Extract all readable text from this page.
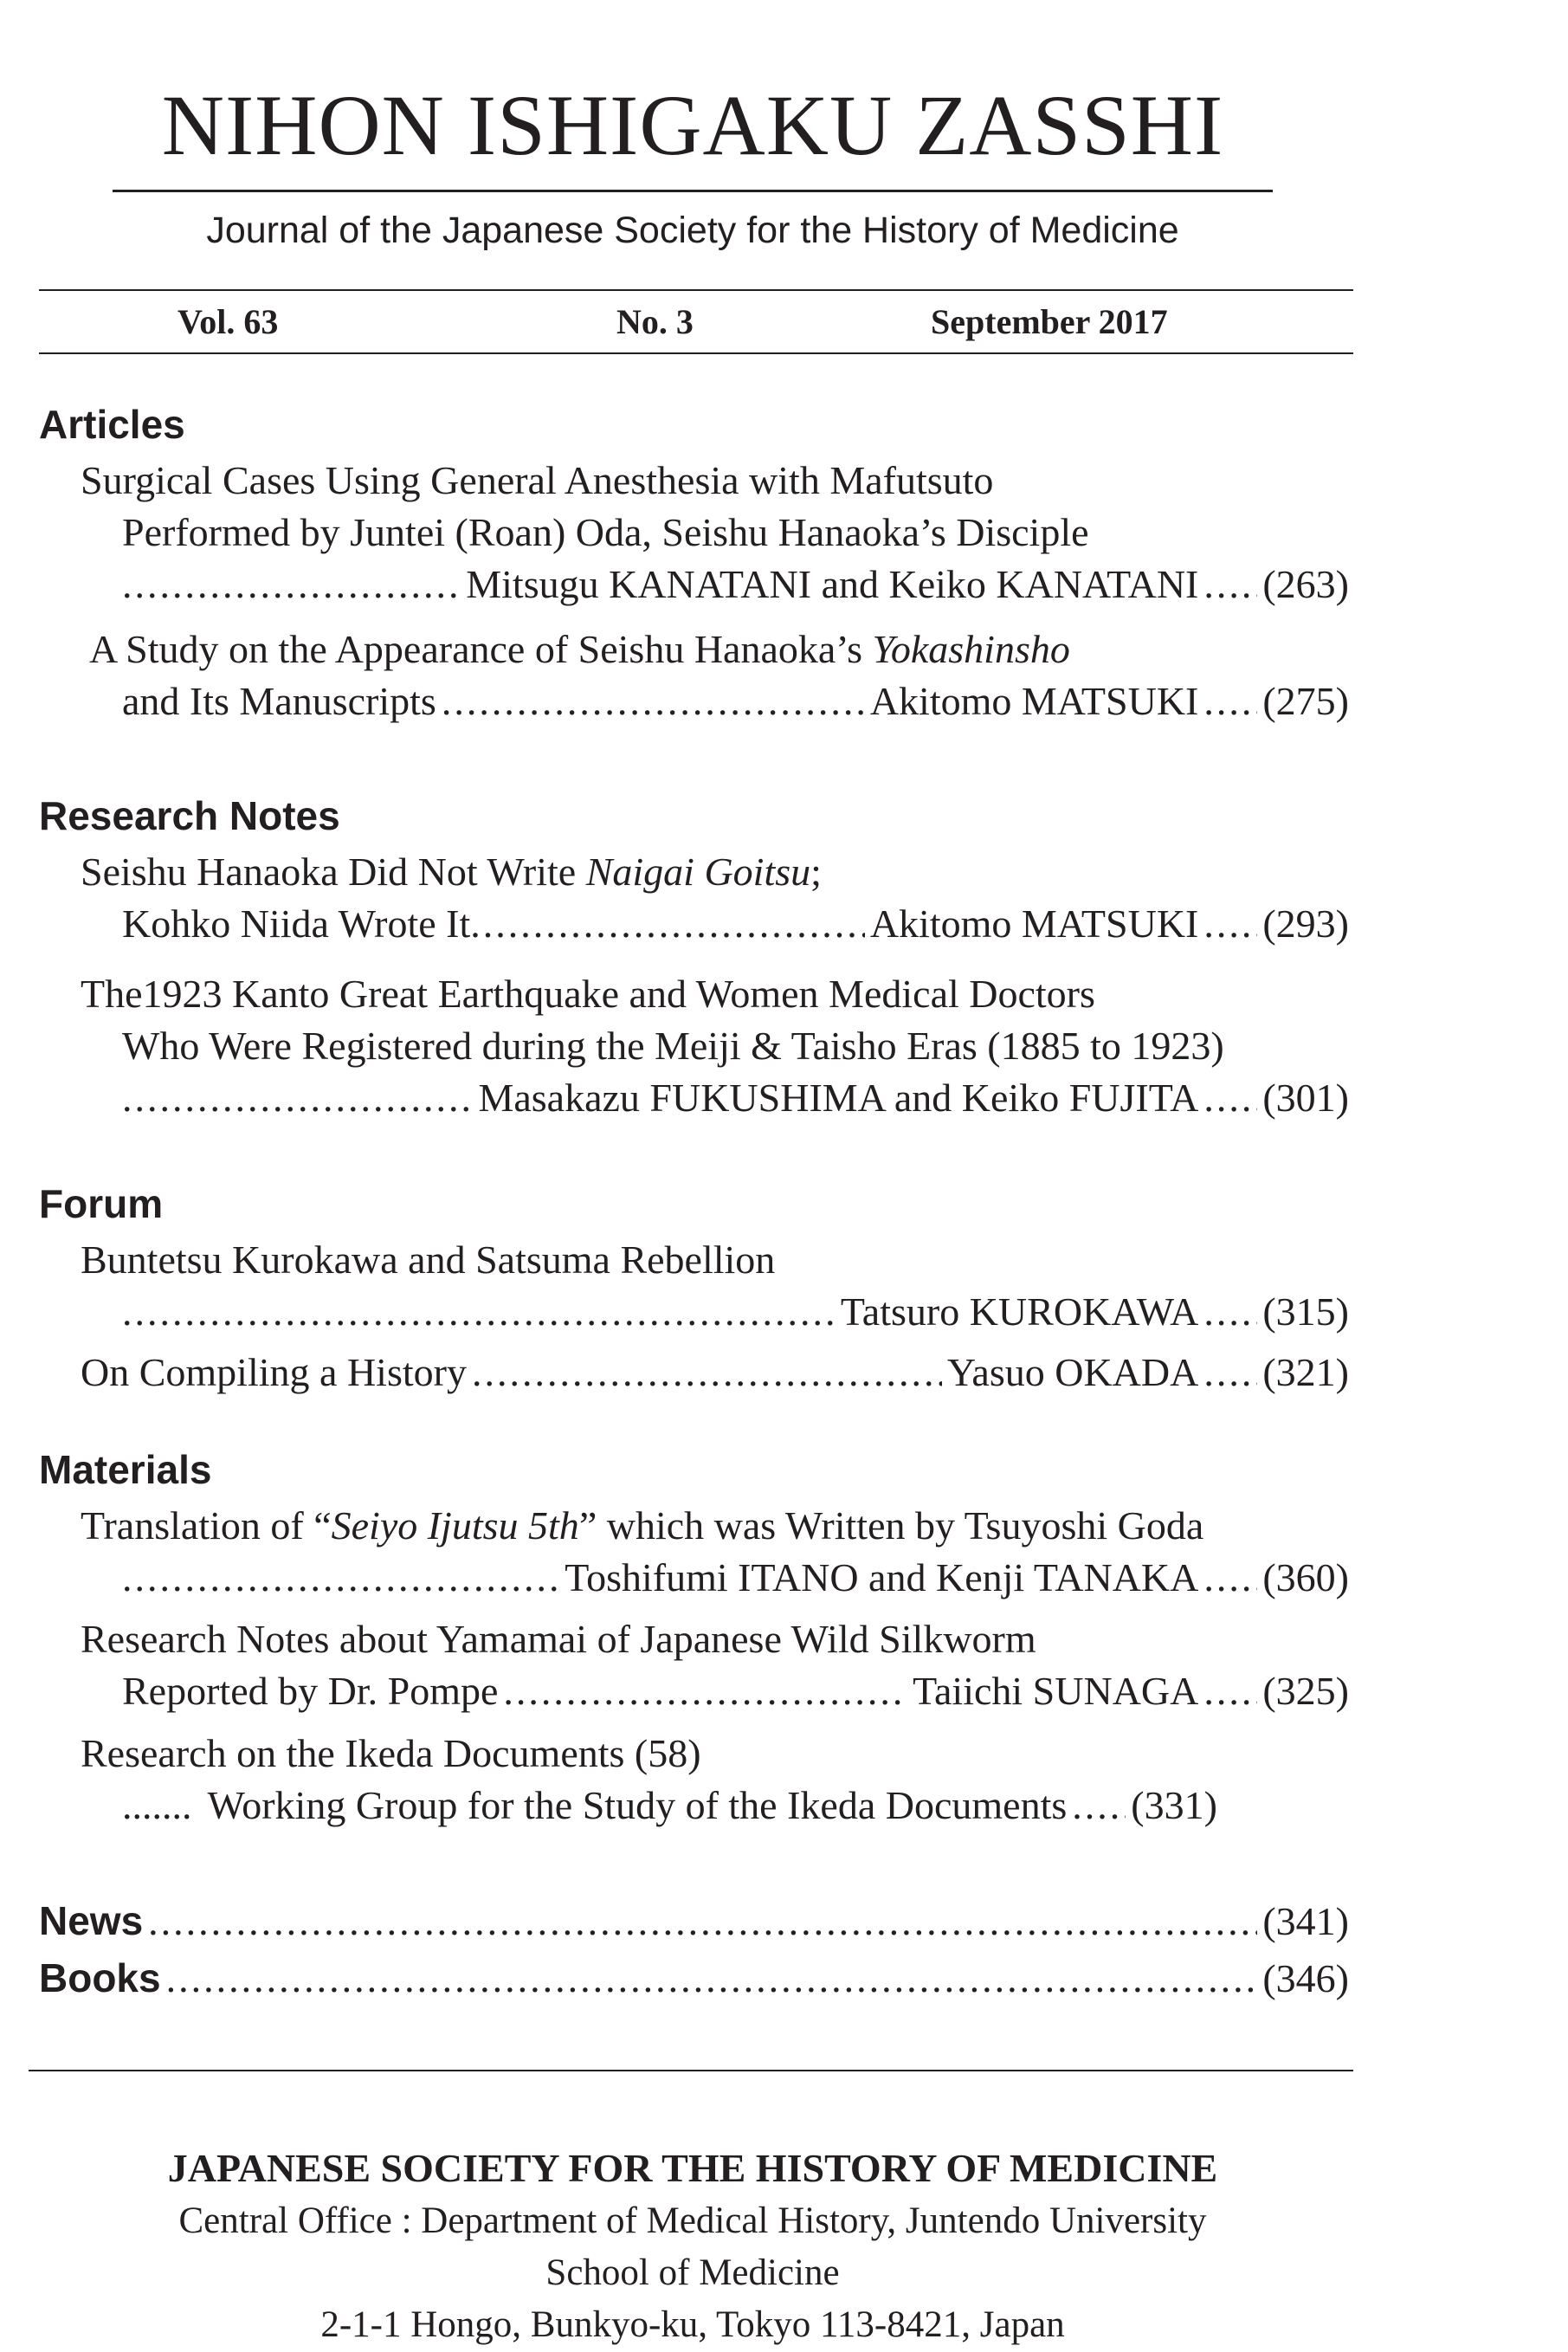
NIHON ISHIGAKU ZASSHI
Journal of the Japanese Society for the History of Medicine
Vol. 63	No. 3	September 2017
Articles
Surgical Cases Using General Anesthesia with Mafutsuto
Performed by Juntei (Roan) Oda, Seishu Hanaoka’s Disciple
.....
Mitsugu KANATANI and Keiko KANATANI ..... (263)
A Study on the Appearance of Seishu Hanaoka’s Yokashinsho
and Its Manuscripts .....	Akitomo MATSUKI ..... (275)
Research Notes
Seishu Hanaoka Did Not Write Naigai Goitsu;
Kohko Niida Wrote It .....	Akitomo MATSUKI ..... (293)
The1923 Kanto Great Earthquake and Women Medical Doctors
Who Were Registered during the Meiji & Taisho Eras (1885 to 1923)
.....
Masakazu FUKUSHIMA and Keiko FUJITA ..... (301)
Forum
Buntetsu Kurokawa and Satsuma Rebellion
.....
Tatsuro KUROKAWA ..... (315)
On Compiling a History .....	Yasuo OKADA ..... (321)
Materials
Translation of “Seiyo Ijutsu 5th” which was Written by Tsuyoshi Goda
.....
Toshifumi ITANO and Kenji TANAKA ..... (360)
Research Notes about Yamamai of Japanese Wild Silkworm
Reported by Dr. Pompe .....	Taiichi SUNAGA ..... (325)
Research on the Ikeda Documents (58)
....... Working Group for the Study of the Ikeda Documents ..... (331)
News .....	(341)
Books .....	(346)
JAPANESE SOCIETY FOR THE HISTORY OF MEDICINE
Central Office : Department of Medical History, Juntendo University
School of Medicine
2-1-1 Hongo, Bunkyo-ku, Tokyo 113-8421, Japan
